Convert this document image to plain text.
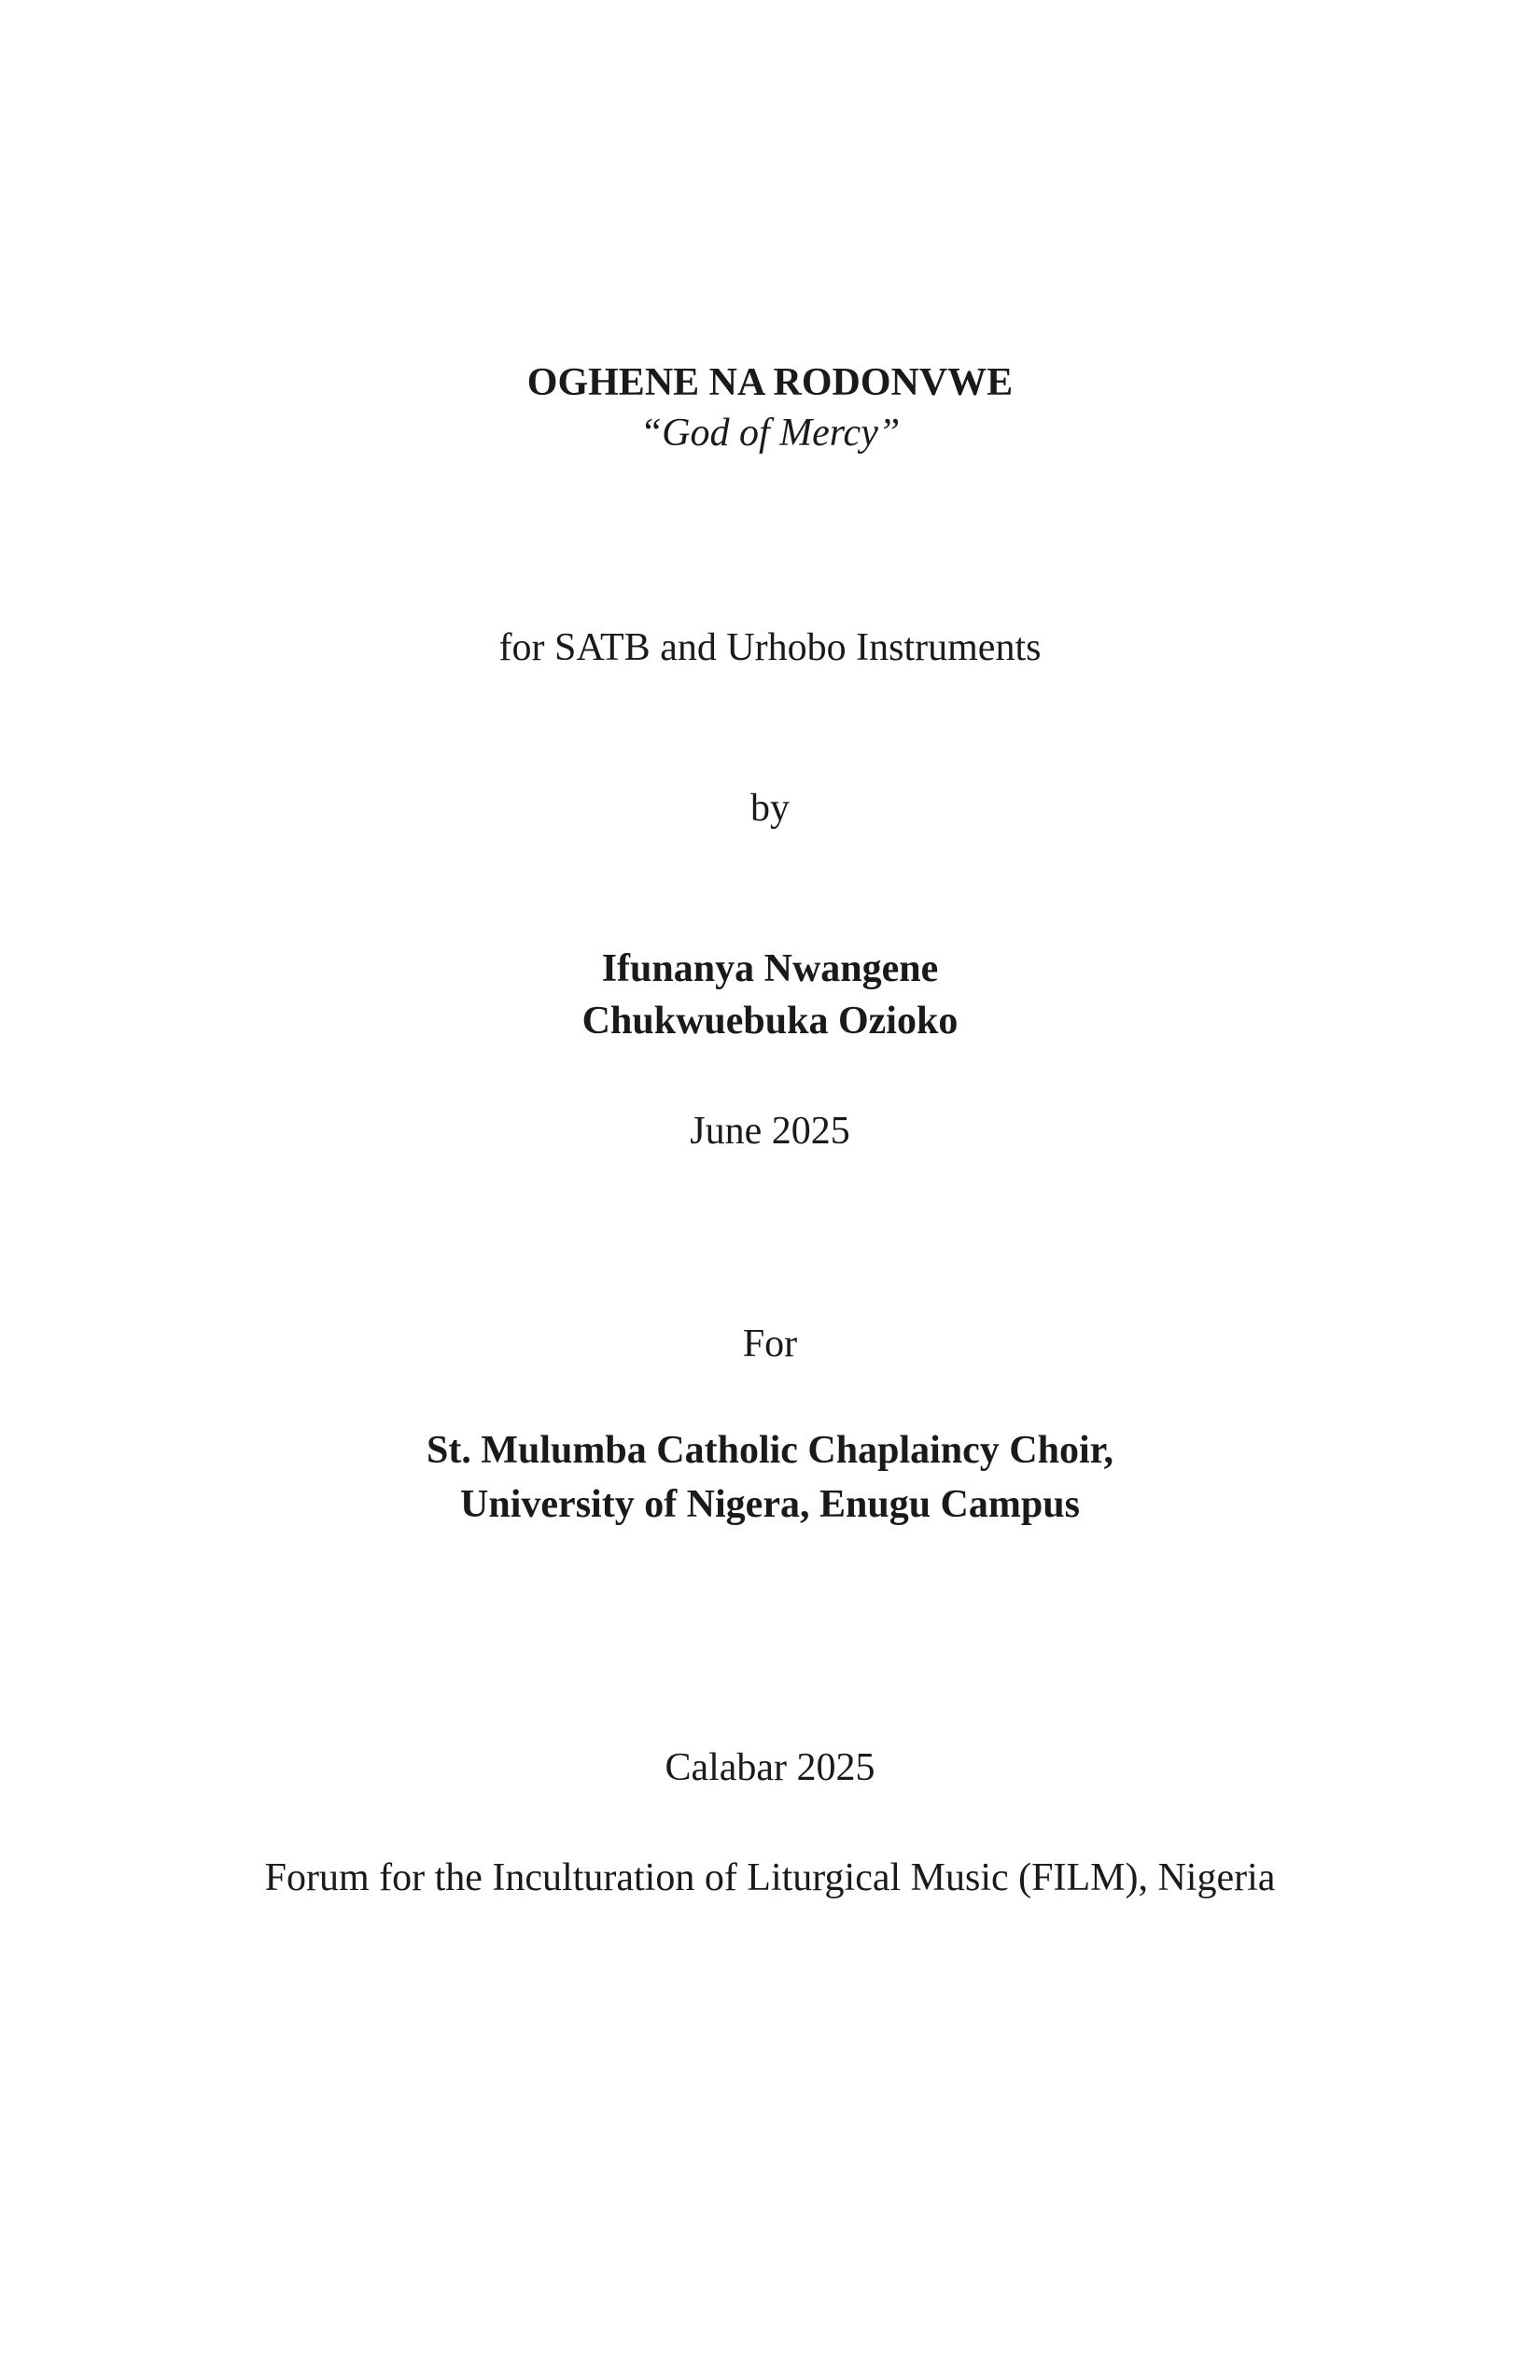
OGHENE NA RODONVWE

“God of Mercy”

for SATB and Urhobo Instruments

by

Ifunanya Nwangene

Chukwuebuka Ozioko

June 2025

For

St. Mulumba Catholic Chaplaincy Choir,

University of Nigera, Enugu Campus

Calabar 2025

Forum for the Inculturation of Liturgical Music (FILM), Nigeria
